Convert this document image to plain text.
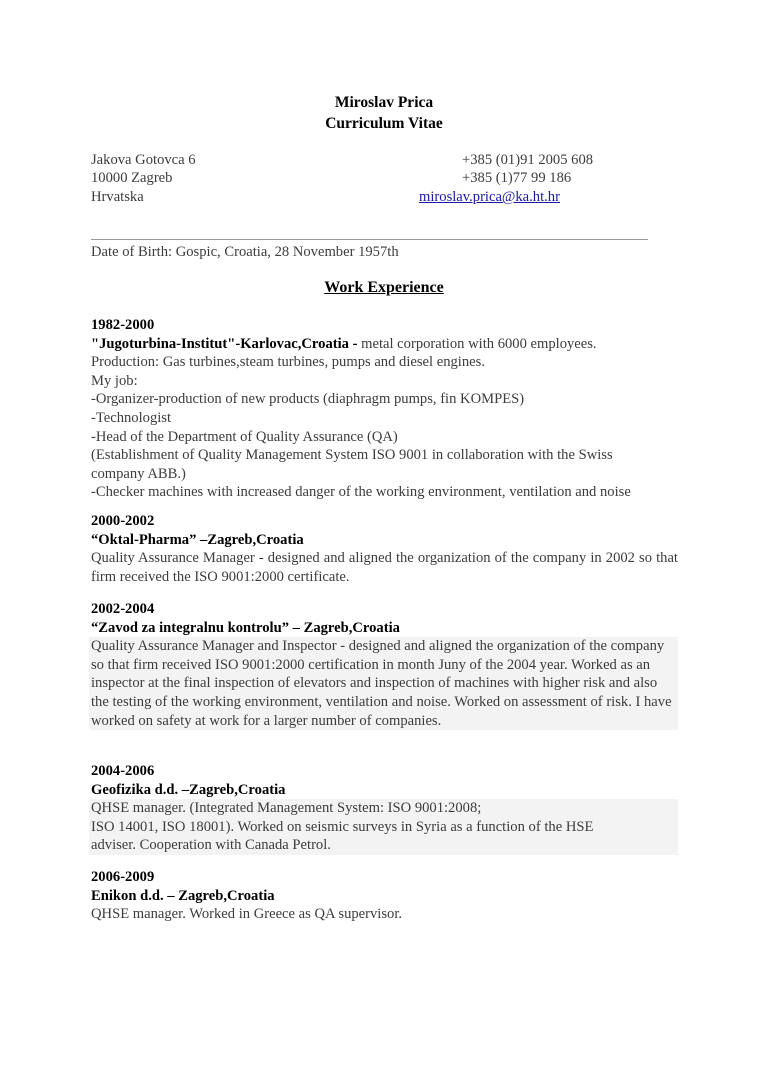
Miroslav Prica
Curriculum Vitae
Jakova Gotovca 6
10000 Zagreb
Hrvatska
+385 (01)91 2005 608
+385 (1)77 99 186
miroslav.prica@ka.ht.hr
Date of Birth: Gospic, Croatia, 28 November 1957th
Work Experience
1982-2000
"Jugoturbina-Institut"-Karlovac,Croatia - metal corporation with 6000 employees.
Production: Gas turbines,steam turbines, pumps and diesel engines.
My job:
-Organizer-production of new products (diaphragm pumps, fin KOMPES)
-Technologist
-Head of the Department of Quality Assurance (QA)
(Establishment of Quality Management System ISO 9001 in collaboration with the Swiss company ABB.)
-Checker machines with increased danger of the working environment, ventilation and noise
2000-2002
“Oktal-Pharma” –Zagreb,Croatia
Quality Assurance Manager - designed and aligned the organization of the company in 2002 so that firm received the ISO 9001:2000 certificate.
2002-2004
“Zavod za integralnu kontrolu” – Zagreb,Croatia
Quality Assurance Manager and Inspector - designed and aligned the organization of the company so that firm received ISO 9001:2000 certification in month Juny of the 2004 year. Worked as an inspector at the final inspection of elevators and inspection of machines with higher risk and also the testing of the working environment, ventilation and noise. Worked on assessment of risk. I have worked on safety at work for a larger number of companies.
2004-2006
Geofizika d.d. –Zagreb,Croatia
QHSE manager. (Integrated Management System: ISO 9001:2008;
ISO 14001, ISO 18001). Worked on seismic surveys in Syria as a function of the HSE
adviser. Cooperation with Canada Petrol.
2006-2009
Enikon d.d. – Zagreb,Croatia
QHSE manager. Worked in Greece as QA supervisor.
